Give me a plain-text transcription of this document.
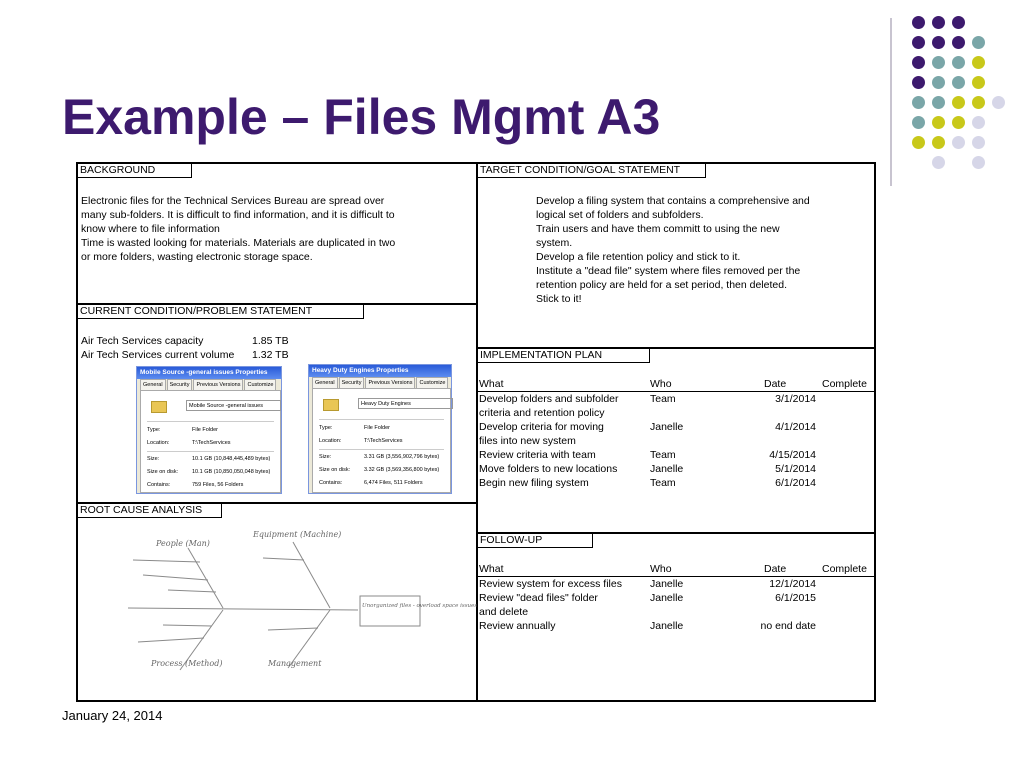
Example – Files Mgmt A3
BACKGROUND
Electronic files for the Technical Services Bureau are spread over
many sub-folders. It is difficult to find information, and it is difficult to
know where to file information
Time is wasted looking for materials. Materials are duplicated in two
or more folders, wasting electronic storage space.
CURRENT CONDITION/PROBLEM STATEMENT
Air Tech Services capacity	1.85 TB
Air Tech Services current volume 1.32 TB
Mobile Source -general issues Properties
General Security Previous Versions Customize
Mobile Source -general issues
Type:	File Folder
Location:	T:\TechServices
Size:	10.1 GB (10,848,445,489 bytes)
Size on disk:	10.1 GB (10,850,050,048 bytes)
Contains:	759 Files, 56 Folders
Heavy Duty Engines Properties
General Security Previous Versions Customize
Heavy Duty Engines
Type:	File Folder
Location:	T:\TechServices
Size:	3.31 GB (3,556,902,796 bytes)
Size on disk:	3.32 GB (3,569,356,800 bytes)
Contains:	6,474 Files, 511 Folders
ROOT CAUSE ANALYSIS
People (Man)
Equipment (Machine)
Process (Method)	Management
Unorganized files - overload space issues
TARGET CONDITION/GOAL STATEMENT
Develop a filing system that contains a comprehensive and
logical set of folders and subfolders.
Train users and have them committ to using the new
system.
Develop a file retention policy and stick to it.
Institute a "dead file" system where files removed per the
retention policy are held for a set period, then deleted.
Stick to it!
IMPLEMENTATION PLAN
What	Who	Date	Complete
Develop folders and subfolder	Team	3/1/2014
criteria and retention policy
Develop criteria for moving	Janelle	4/1/2014
files into new system
Review criteria with team	Team	4/15/2014
Move folders to new locations	Janelle	5/1/2014
Begin new filing system	Team	6/1/2014
FOLLOW-UP
What	Who	Date	Complete
Review system for excess files	Janelle	12/1/2014
Review "dead files" folder	Janelle	6/1/2015
and delete
Review annually	Janelle	no end date
January 24, 2014
